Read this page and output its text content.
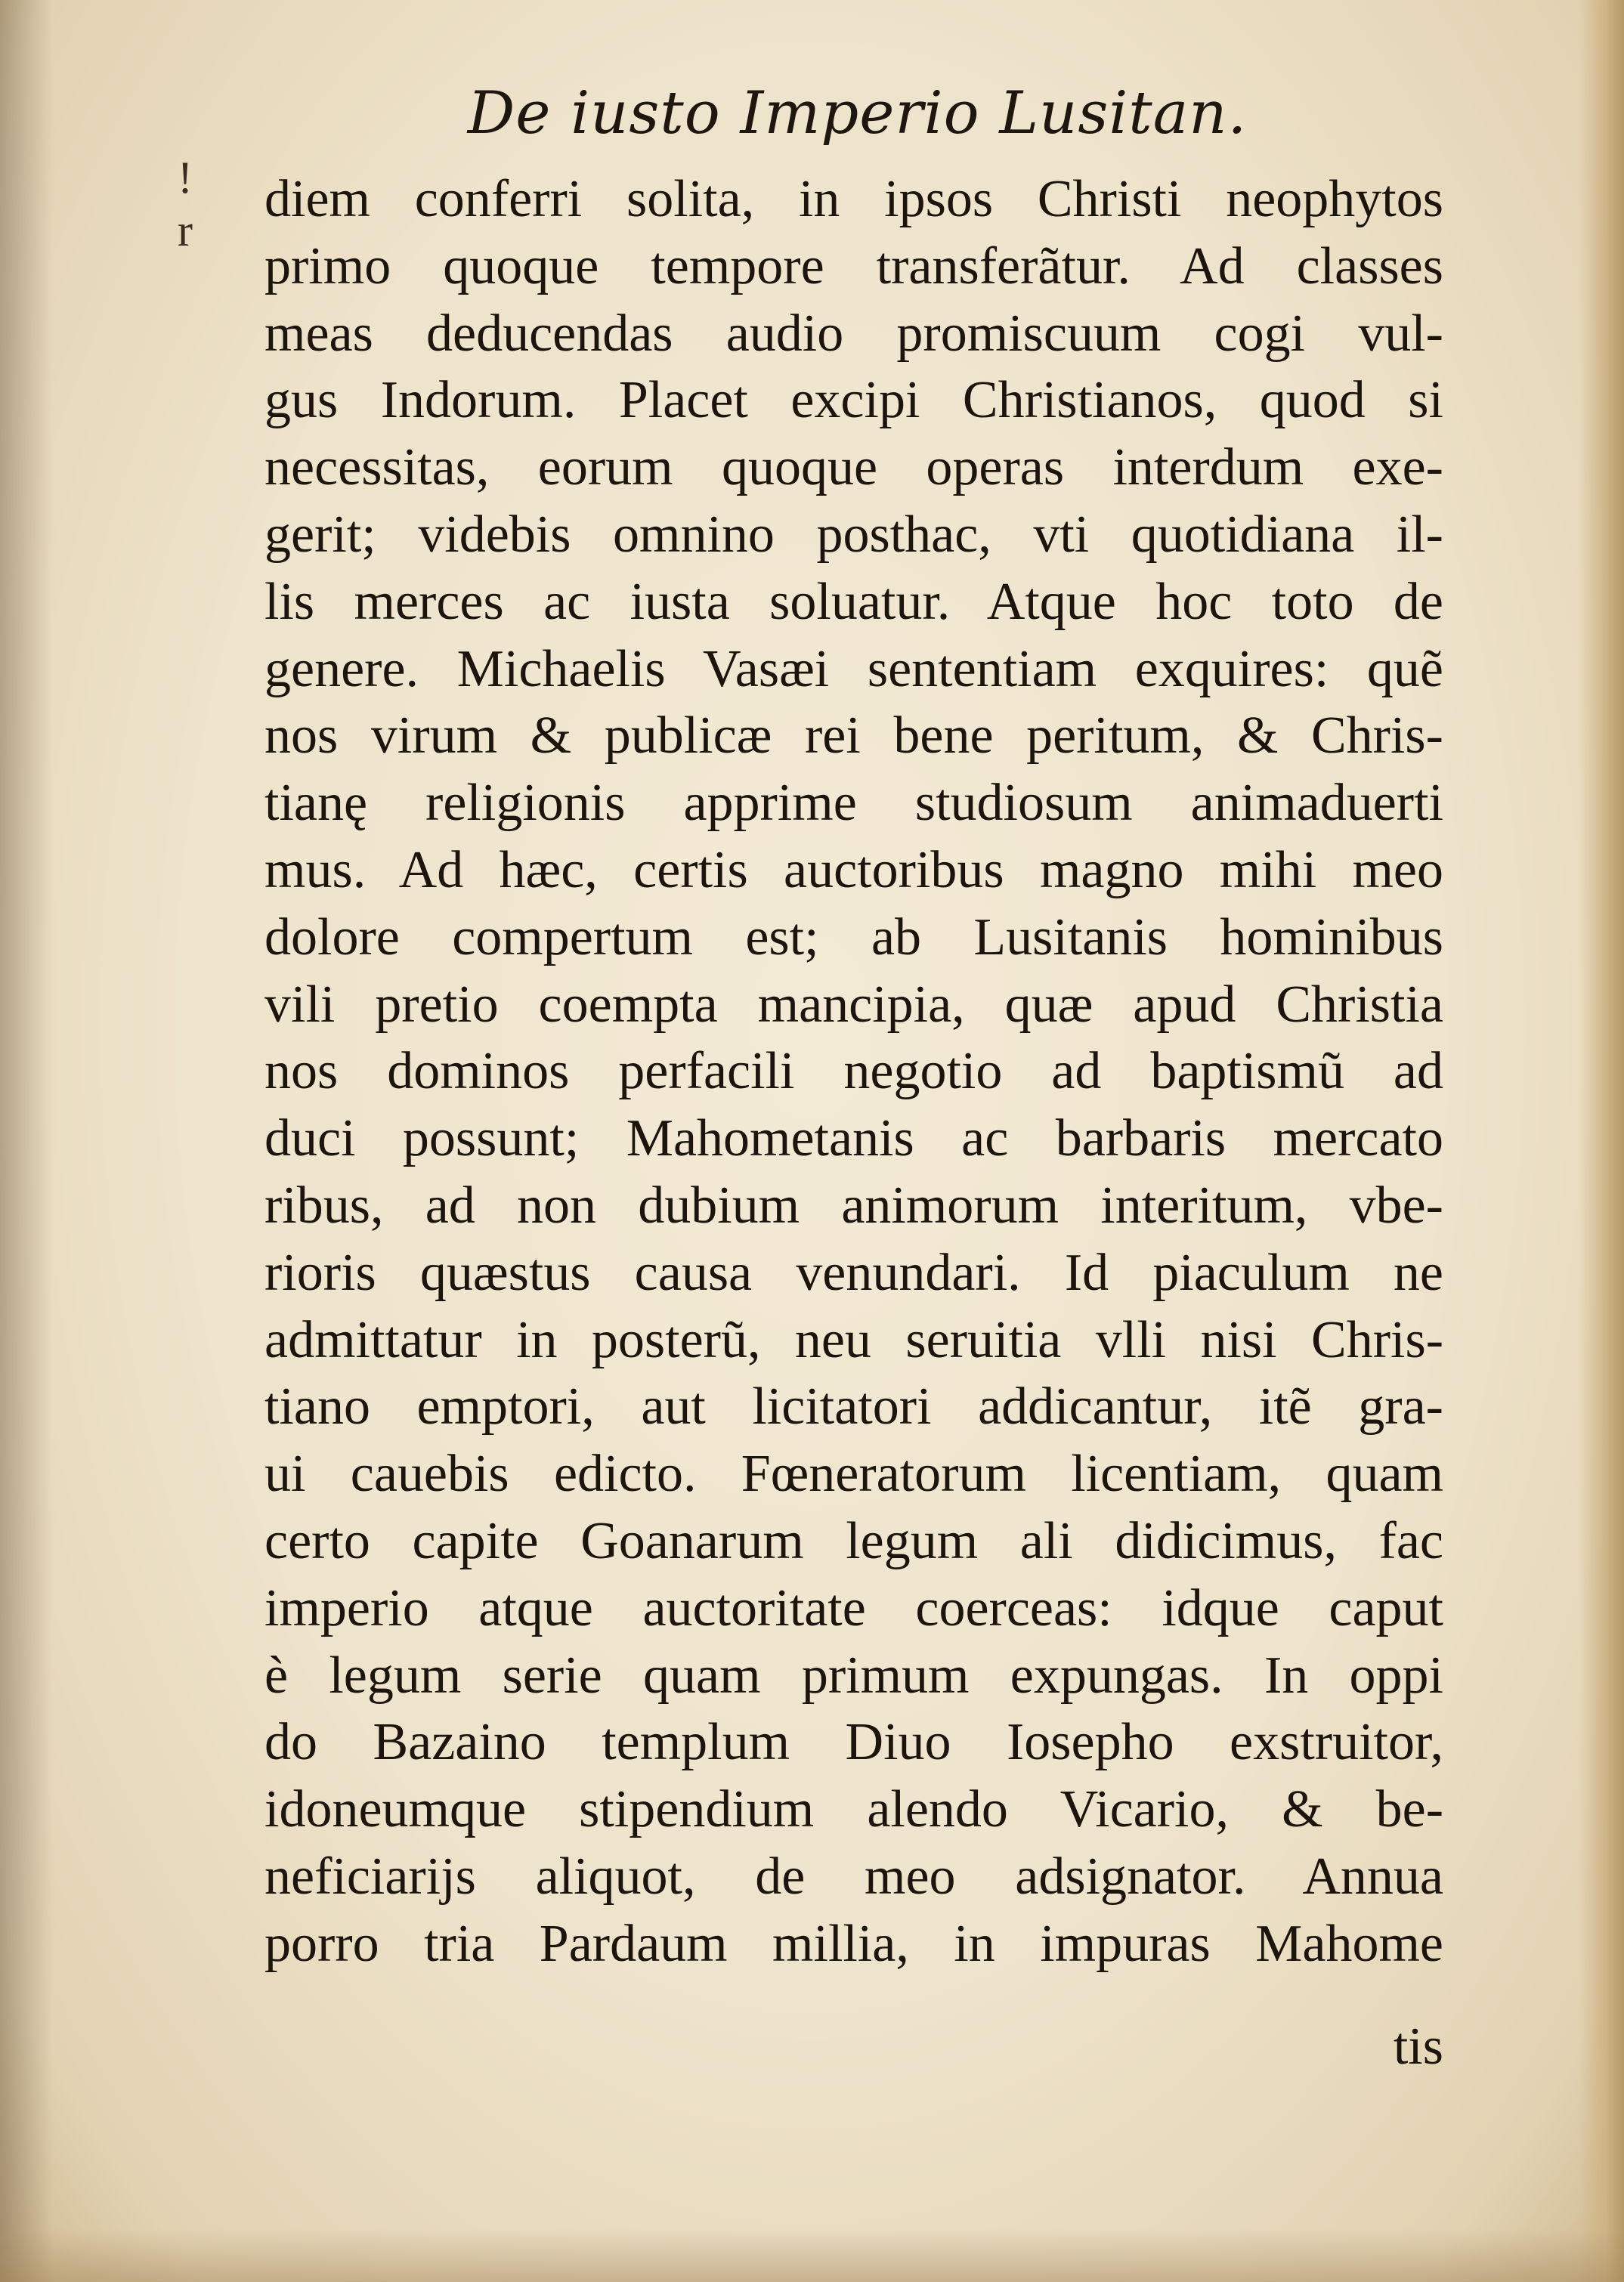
De iusto Imperio Lusitan.
!
r
diem conferri solita, in ipsos Christi neophytos
primo quoque tempore transferãtur. Ad classes
meas deducendas audio promiscuum cogi vul-
gus Indorum. Placet excipi Christianos, quod si
necessitas, eorum quoque operas interdum exe-
gerit; videbis omnino posthac, vti quotidiana il-
lis merces ac iusta soluatur. Atque hoc toto de
genere. Michaelis Vasæi sententiam exquires: quẽ
nos virum & publicæ rei bene peritum, & Chris-
tianę religionis apprime studiosum animaduerti
mus. Ad hæc, certis auctoribus magno mihi meo
dolore compertum est; ab Lusitanis hominibus
vili pretio coempta mancipia, quæ apud Christia
nos dominos perfacili negotio ad baptismũ ad
duci possunt; Mahometanis ac barbaris mercato
ribus, ad non dubium animorum interitum, vbe-
rioris quæstus causa venundari. Id piaculum ne
admittatur in posterũ, neu seruitia vlli nisi Chris-
tiano emptori, aut licitatori addicantur, itẽ gra-
ui cauebis edicto. Fœneratorum licentiam, quam
certo capite Goanarum legum ali didicimus, fac
imperio atque auctoritate coerceas: idque caput
è legum serie quam primum expungas. In oppi
do Bazaino templum Diuo Iosepho exstruitor,
idoneumque stipendium alendo Vicario, & be-
neficiarijs aliquot, de meo adsignator. Annua
porro tria Pardaum millia, in impuras Mahome
tis
